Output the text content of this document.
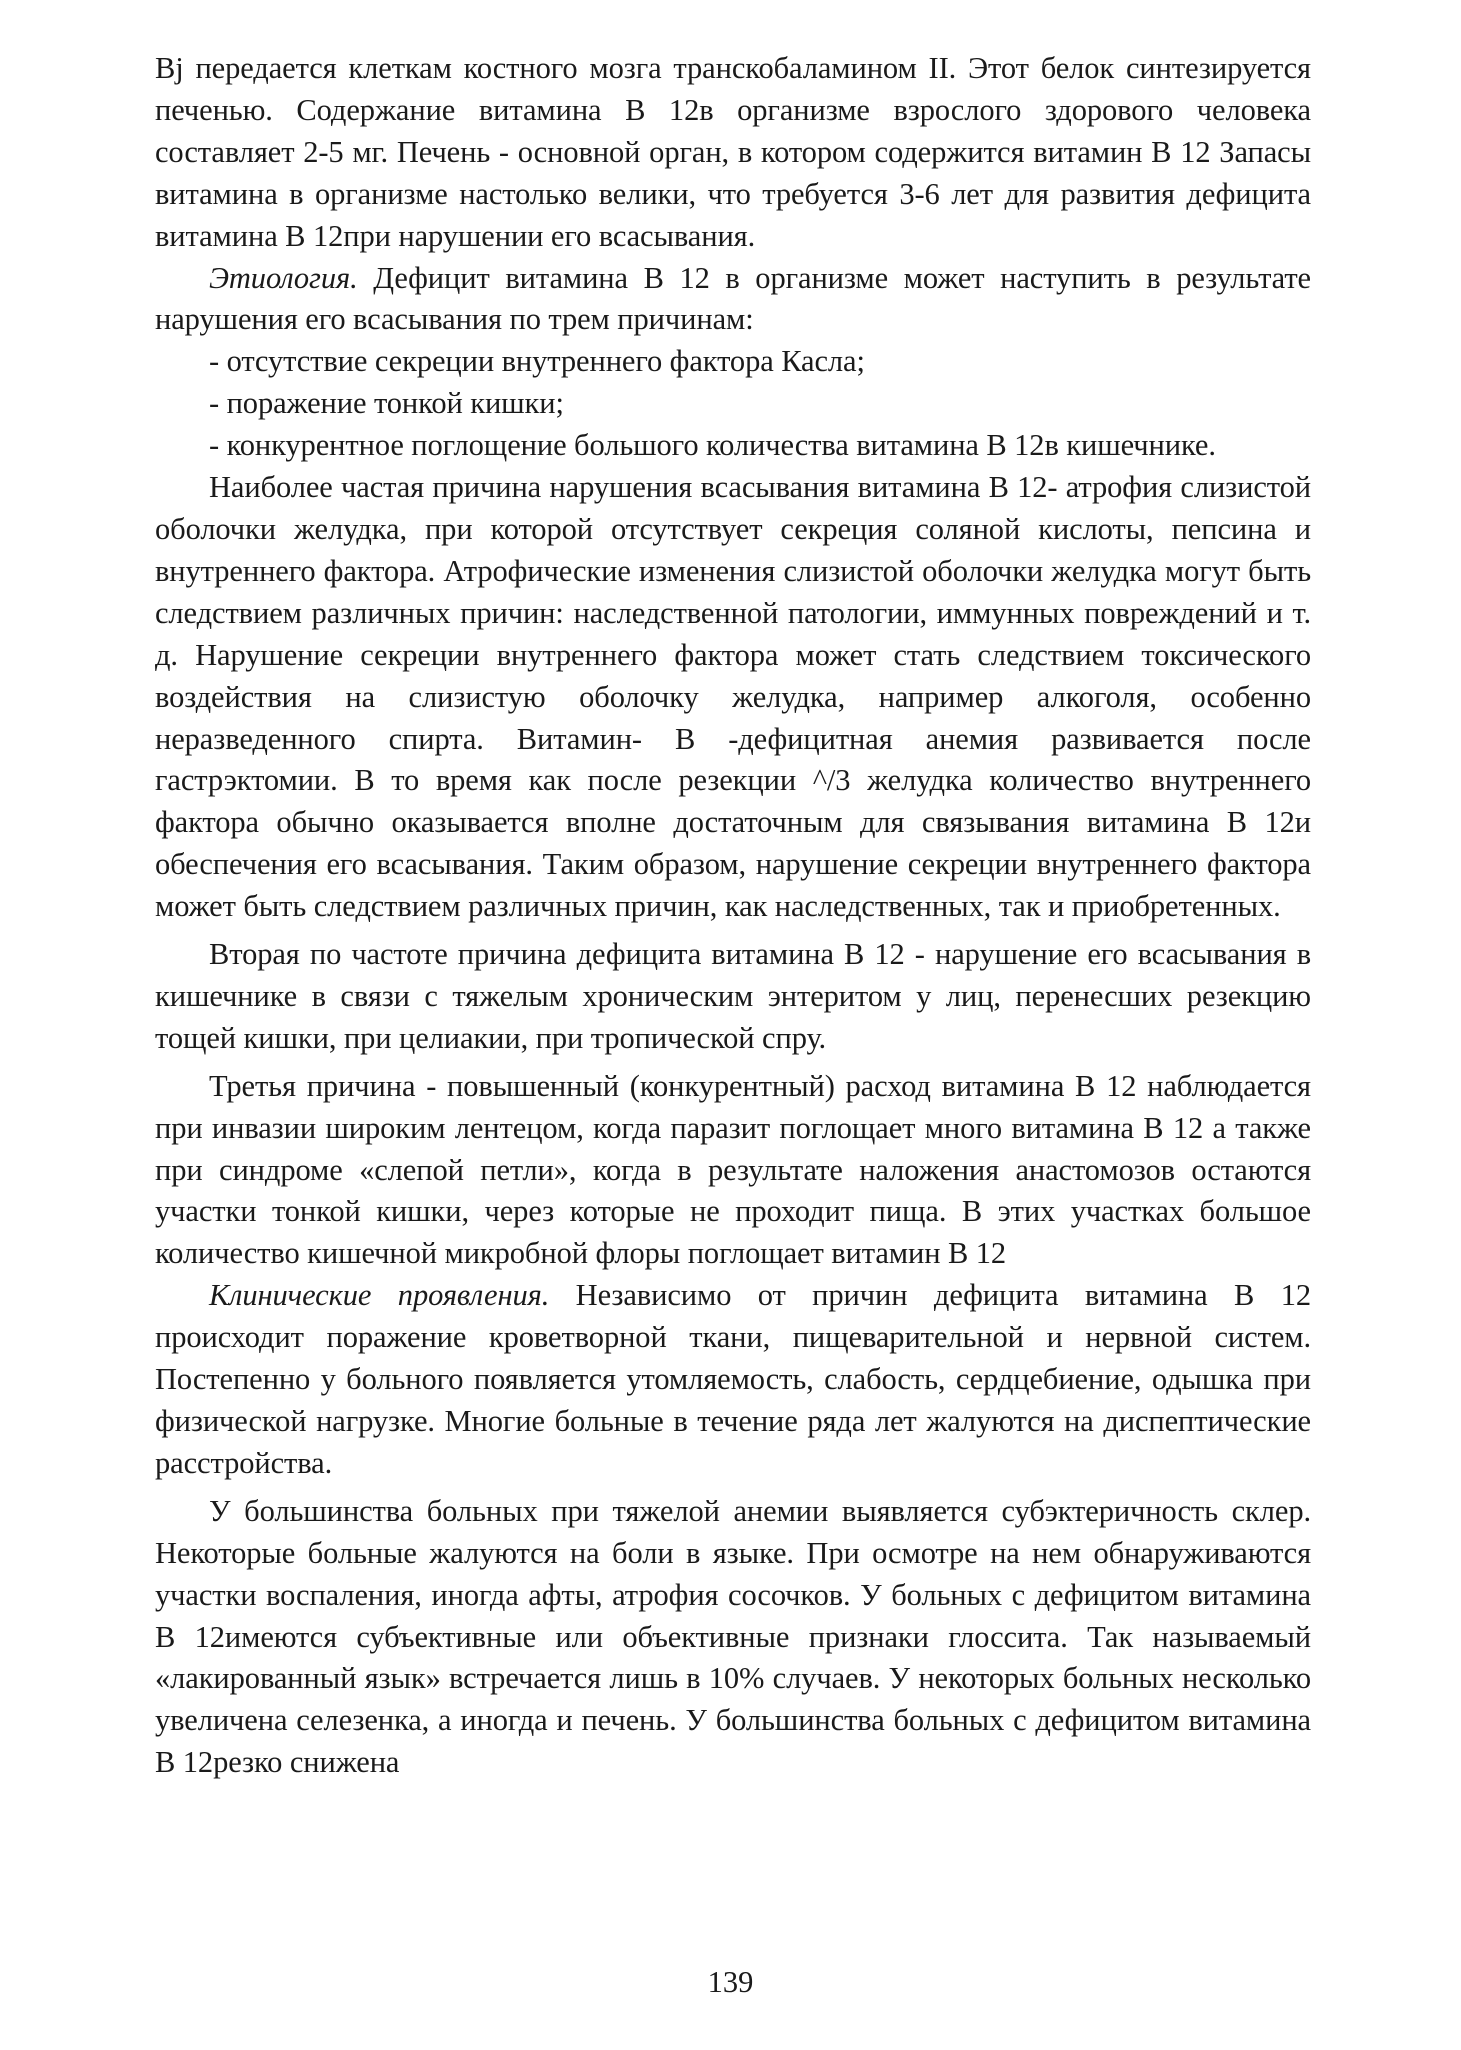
Bj передается клеткам костного мозга транскобаламином II. Этот белок синтезируется печенью. Содержание витамина В 12в организме взрослого здорового человека составляет 2-5 мг. Печень - основной орган, в котором содержится витамин В 12 Запасы витамина в организме настолько велики, что требуется 3-6 лет для развития дефицита витамина В 12при нарушении его всасывания.

Этиология. Дефицит витамина В 12 в организме может наступить в результате нарушения его всасывания по трем причинам:

- отсутствие секреции внутреннего фактора Касла;

- поражение тонкой кишки;

- конкурентное поглощение большого количества витамина В 12в кишечнике.

Наиболее частая причина нарушения всасывания витамина В 12- атрофия слизистой оболочки желудка, при которой отсутствует секреция соляной кислоты, пепсина и внутреннего фактора. Атрофические изменения слизистой оболочки желудка могут быть следствием различных причин: наследственной патологии, иммунных повреждений и т. д. Нарушение секреции внутреннего фактора может стать следствием токсического воздействия на слизистую оболочку желудка, например алкоголя, особенно неразведенного спирта. Витамин- В -дефицитная анемия развивается после гастрэктомии. В то время как после резекции ^/3 желудка количество внутреннего фактора обычно оказывается вполне достаточным для связывания витамина В 12и обеспечения его всасывания. Таким образом, нарушение секреции внутреннего фактора может быть следствием различных причин, как наследственных, так и приобретенных.

Вторая по частоте причина дефицита витамина В 12 - нарушение его всасывания в кишечнике в связи с тяжелым хроническим энтеритом у лиц, перенесших резекцию тощей кишки, при целиакии, при тропической спру.

Третья причина - повышенный (конкурентный) расход витамина В 12 наблюдается при инвазии широким лентецом, когда паразит поглощает много витамина В 12 а также при синдроме «слепой петли», когда в результате наложения анастомозов остаются участки тонкой кишки, через которые не проходит пища. В этих участках большое количество кишечной микробной флоры поглощает витамин В 12

Клинические проявления. Независимо от причин дефицита витамина В 12 происходит поражение кроветворной ткани, пищеварительной и нервной систем. Постепенно у больного появляется утомляемость, слабость, сердцебиение, одышка при физической нагрузке. Многие больные в течение ряда лет жалуются на диспептические расстройства.

У большинства больных при тяжелой анемии выявляется субэктеричность склер. Некоторые больные жалуются на боли в языке. При осмотре на нем обнаруживаются участки воспаления, иногда афты, атрофия сосочков. У больных с дефицитом витамина В 12имеются субъективные или объективные признаки глоссита. Так называемый «лакированный язык» встречается лишь в 10% случаев. У некоторых больных несколько увеличена селезенка, а иногда и печень. У большинства больных с дефицитом витамина В 12резко снижена

139
